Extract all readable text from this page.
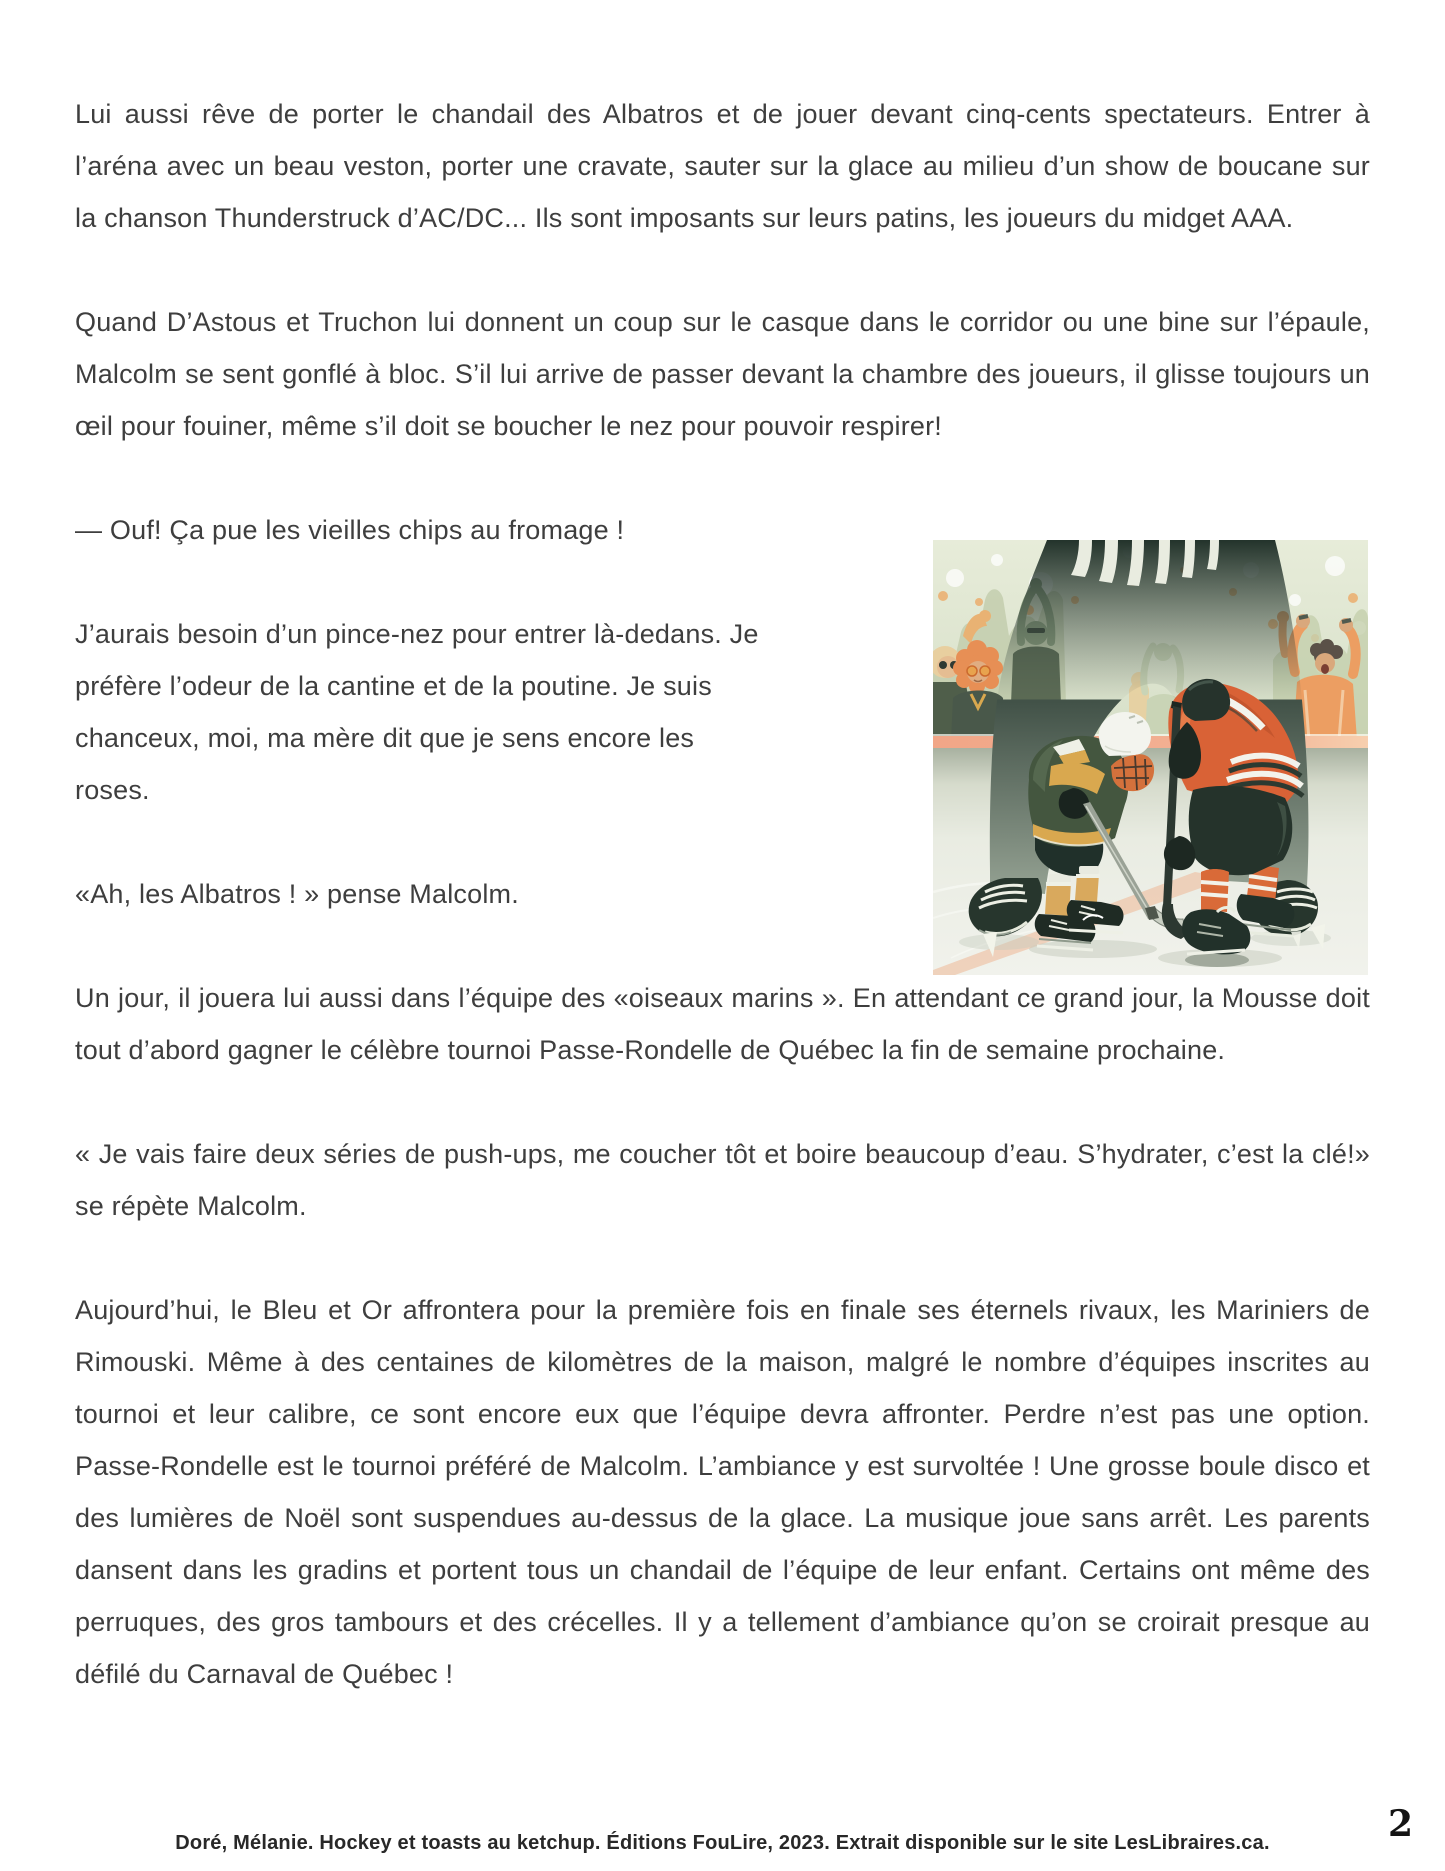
Lui aussi rêve de porter le chandail des Albatros et de jouer devant cinq-cents spectateurs. Entrer à l’aréna avec un beau veston, porter une cravate, sauter sur la glace au milieu d’un show de boucane sur la chanson Thunderstruck d’AC/DC... Ils sont imposants sur leurs patins, les joueurs du midget AAA.

Quand D’Astous et Truchon lui donnent un coup sur le casque dans le corridor ou une bine sur l’épaule, Malcolm se sent gonflé à bloc. S’il lui arrive de passer devant la chambre des joueurs, il glisse toujours un œil pour fouiner, même s’il doit se boucher le nez pour pouvoir respirer!

— Ouf! Ça pue les vieilles chips au fromage !

J’aurais besoin d’un pince-nez pour entrer là-dedans. Je préfère l’odeur de la cantine et de la poutine. Je suis chanceux, moi, ma mère dit que je sens encore les roses.

«Ah, les Albatros ! » pense Malcolm.

Un jour, il jouera lui aussi dans l’équipe des «oiseaux marins ». En attendant ce grand jour, la Mousse doit tout d’abord gagner le célèbre tournoi Passe-Rondelle de Québec la fin de semaine prochaine.

« Je vais faire deux séries de push-ups, me coucher tôt et boire beaucoup d’eau. S’hydrater, c’est la clé!» se répète Malcolm.

Aujourd’hui, le Bleu et Or affrontera pour la première fois en finale ses éternels rivaux, les Mariniers de Rimouski. Même à des centaines de kilomètres de la maison, malgré le nombre d’équipes inscrites au tournoi et leur calibre, ce sont encore eux que l’équipe devra affronter. Perdre n’est pas une option. Passe-Rondelle est le tournoi préféré de Malcolm. L’ambiance y est survoltée ! Une grosse boule disco et des lumières de Noël sont suspendues au-dessus de la glace. La musique joue sans arrêt. Les parents dansent dans les gradins et portent tous un chandail de l’équipe de leur enfant. Certains ont même des perruques, des gros tambours et des crécelles. Il y a tellement d’ambiance qu’on se croirait presque au défilé du Carnaval de Québec !

Doré, Mélanie. Hockey et toasts au ketchup. Éditions FouLire, 2023. Extrait disponible sur le site LesLibraires.ca.	2
